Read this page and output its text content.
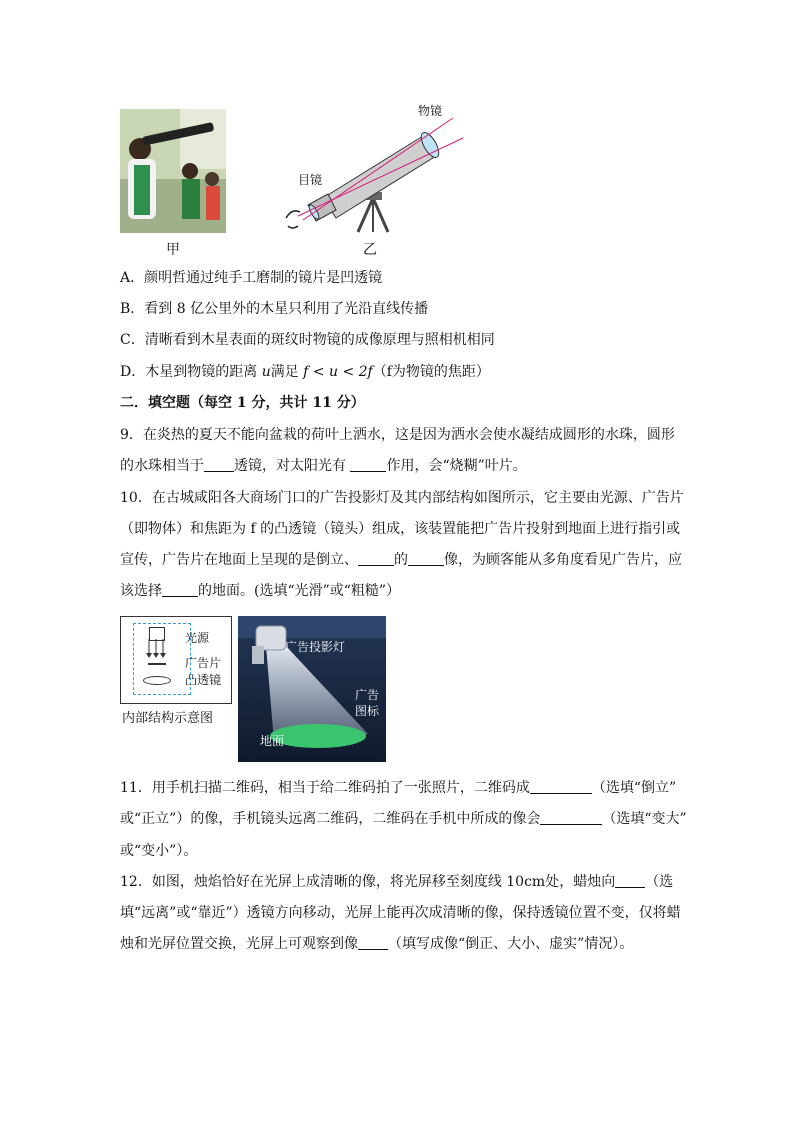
甲
物镜
目镜
乙
A．颜明哲通过纯手工磨制的镜片是凹透镜
B．看到 8 亿公里外的木星只利用了光沿直线传播
C．清晰看到木星表面的斑纹时物镜的成像原理与照相机相同
D．木星到物镜的距离 u满足 f < u < 2f（f为物镜的焦距）
二．填空题（每空 1 分，共计 11 分）
9．在炎热的夏天不能向盆栽的荷叶上洒水，这是因为洒水会使水凝结成圆形的水珠，圆形
的水珠相当于 透镜，对太阳光有	作用，会“烧糊”叶片。
10．在古城咸阳各大商场门口的广告投影灯及其内部结构如图所示，它主要由光源、广告片
（即物体）和焦距为 f 的凸透镜（镜头）组成，该装置能把广告片投射到地面上进行指引或
宣传，广告片在地面上呈现的是倒立、	的	像，为顾客能从多角度看见广告片，应
该选择	的地面。(选填“光滑”或“粗糙”）
光源
广告片
凸透镜
内部结构示意图
广告投影灯
广告
图标
地面
11．用手机扫描二维码，相当于给二维码拍了一张照片，二维码成	（选填“倒立”
或“正立”）的像，手机镜头远离二维码，二维码在手机中所成的像会	（选填“变大”
或“变小”）。
12．如图，烛焰恰好在光屏上成清晰的像，将光屏移至刻度线 10cm处，蜡烛向 （选
填“远离”或“靠近”）透镜方向移动，光屏上能再次成清晰的像，保持透镜位置不变，仅将蜡
烛和光屏位置交换，光屏上可观察到像 （填写成像“倒正、大小、虚实”情况）。
